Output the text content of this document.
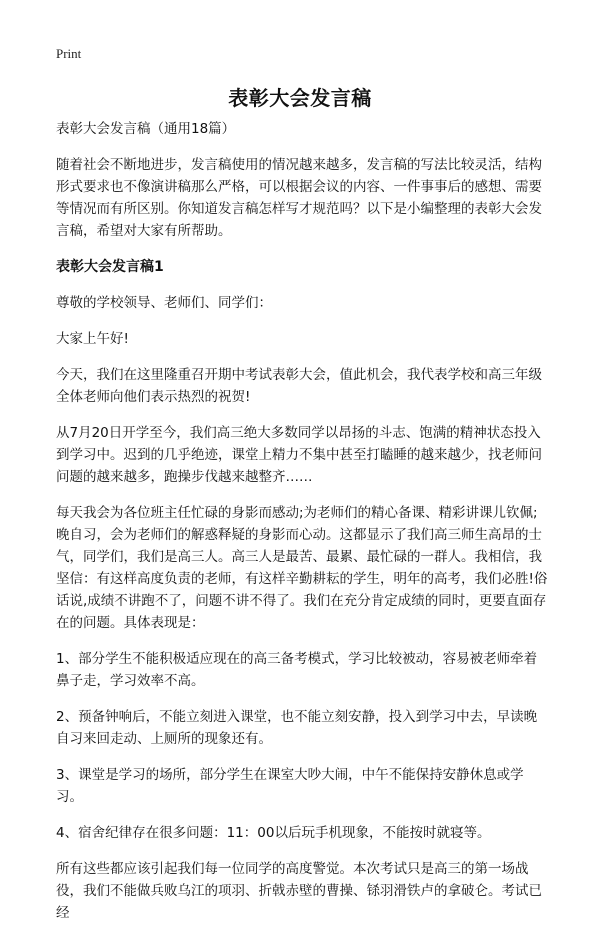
Print
表彰大会发言稿

表彰大会发言稿（通用18篇）

随着社会不断地进步，发言稿使用的情况越来越多，发言稿的写法比较灵活，结构形式要求也不像演讲稿那么严格，可以根据会议的内容、一件事事后的感想、需要等情况而有所区别。你知道发言稿怎样写才规范吗？以下是小编整理的表彰大会发言稿，希望对大家有所帮助。

表彰大会发言稿1

尊敬的学校领导、老师们、同学们：

大家上午好!

今天，我们在这里隆重召开期中考试表彰大会，值此机会，我代表学校和高三年级全体老师向他们表示热烈的祝贺!

从7月20日开学至今，我们高三绝大多数同学以昂扬的斗志、饱满的精神状态投入到学习中。迟到的几乎绝迹，课堂上精力不集中甚至打瞌睡的越来越少，找老师问问题的越来越多，跑操步伐越来越整齐……

每天我会为各位班主任忙碌的身影而感动;为老师们的精心备课、精彩讲课儿钦佩;晚自习，会为老师们的解惑释疑的身影而心动。这都显示了我们高三师生高昂的士气，同学们，我们是高三人。高三人是最苦、最累、最忙碌的一群人。我相信，我坚信：有这样高度负责的老师，有这样辛勤耕耘的学生，明年的高考，我们必胜!俗话说,成绩不讲跑不了，问题不讲不得了。我们在充分肯定成绩的同时，更要直面存在的问题。具体表现是：

1、部分学生不能积极适应现在的高三备考模式，学习比较被动，容易被老师牵着鼻子走，学习效率不高。

2、预备钟响后，不能立刻进入课堂，也不能立刻安静，投入到学习中去，早读晚自习来回走动、上厕所的现象还有。

3、课堂是学习的场所，部分学生在课室大吵大闹，中午不能保持安静休息或学习。

4、宿舍纪律存在很多问题：11：00以后玩手机现象，不能按时就寝等。

所有这些都应该引起我们每一位同学的高度警觉。本次考试只是高三的第一场战役，我们不能做兵败乌江的项羽、折戟赤壁的曹操、铩羽滑铁卢的拿破仑。考试已经
